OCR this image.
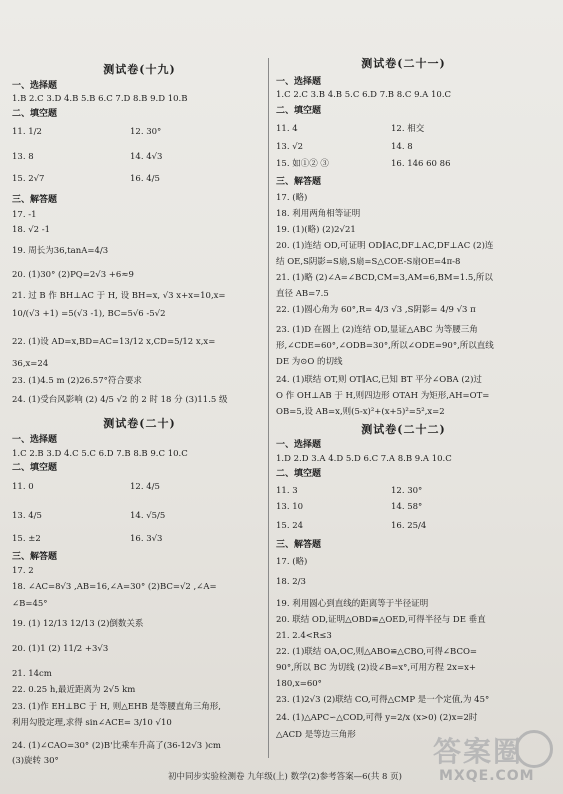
测试卷(十九)
一、选择题
1.B 2.C 3.D 4.B 5.B 6.C 7.D 8.B 9.D 10.B
二、填空题
11. 1/2	12. 30°
13. 8	14. 4√3
15. 2√7	16. 4/5
三、解答题
17. -1
18. √2 -1
19. 周长为36,tanA=4/3
20. (1)30° (2)PQ=2√3 +6≈9
21. 过 B 作 BH⊥AC 于 H, 设 BH=x, √3 x+x=10,x=
10/(√3 +1) =5(√3 -1), BC=5√6 -5√2
22. (1)设 AD=x,BD=AC=13/12 x,CD=5/12 x,x=
36,x=24
23. (1)4.5 m (2)26.57°符合要求
24. (1)受台风影响 (2) 4/5 √2 的 2 时 18 分 (3)11.5 级
测试卷(二十)
一、选择题
1.C 2.B 3.D 4.C 5.C 6.D 7.B 8.B 9.C 10.C
二、填空题
11. 0	12. 4/5
13. 4/5	14. √5/5
15. ±2	16. 3√3
三、解答题
17. 2
18. ∠AC=8√3 ,AB=16,∠A=30° (2)BC=√2 ,∠A=
∠B=45°
19. (1) 12/13 12/13 (2)倒数关系
20. (1)1 (2) 11/2 +3√3
21. 14cm
22. 0.25 h,最近距离为 2√5 km
23. (1)作 EH⊥BC 于 H, 则△EHB 是等腰直角三角形,
利用勾股定理,求得 sin∠ACE= 3/10 √10
24. (1)∠CAO=30° (2)B'比乘车升高了(36-12√3 )cm
(3)旋转 30°
测试卷(二十一)
一、选择题
1.C 2.C 3.B 4.B 5.C 6.D 7.B 8.C 9.A 10.C
二、填空题
11. 4	12. 相交
13. √2	14. 8
15. 如①② ③	16. 146 60 86
三、解答题
17. (略)
18. 利用两角相等证明
19. (1)(略) (2)2√21
20. (1)连结 OD,可证明 OD∥AC,DF⊥AC,DF⊥AC (2)连
结 OE,S阴影=S扇,S扇=S△COE-S扇OE=4π-8
21. (1)略 (2)∠A=∠BCD,CM=3,AM=6,BM=1.5,所以
直径 AB=7.5
22. (1)圆心角为 60°,R= 4/3 √3 ,S阴影= 4/9 √3 π
23. (1)D 在圆上 (2)连结 OD,显证△ABC 为等腰三角
形,∠CDE=60°,∠ODB=30°,所以∠ODE=90°,所以直线
DE 为⊙O 的切线
24. (1)联结 OT,则 OT∥AC,已知 BT 平分∠OBA (2)过
O 作 OH⊥AB 于 H,则四边形 OTAH 为矩形,AH=OT=
OB=5,设 AB=x,则(5-x)²+(x+5)²=5²,x=2
测试卷(二十二)
一、选择题
1.D 2.D 3.A 4.D 5.D 6.C 7.A 8.B 9.A 10.C
二、填空题
11. 3	12. 30°
13. 10	14. 58°
15. 24	16. 25/4
三、解答题
17. (略)
18. 2/3
19. 利用圆心到直线的距离等于半径证明
20. 联结 OD,证明△OBD≌△OED,可得半径与 DE 垂直
21. 2.4<R≤3
22. (1)联结 OA,OC,则△ABO≌△CBO,可得∠BCO=
90°,所以 BC 为切线 (2)设∠B=x°,可用方程 2x=x+
180,x=60°
23. (1)2√3 (2)联结 CO,可得△CMP 是一个定值,为 45°
24. (1)△APC∽△COD,可得 y=2/x (x>0) (2)x=2时
△ACD 是等边三角形
初中同步实验检测卷 九年级(上) 数学(2)参考答案—6(共 8 页)
答案圈
MXQE.COM
